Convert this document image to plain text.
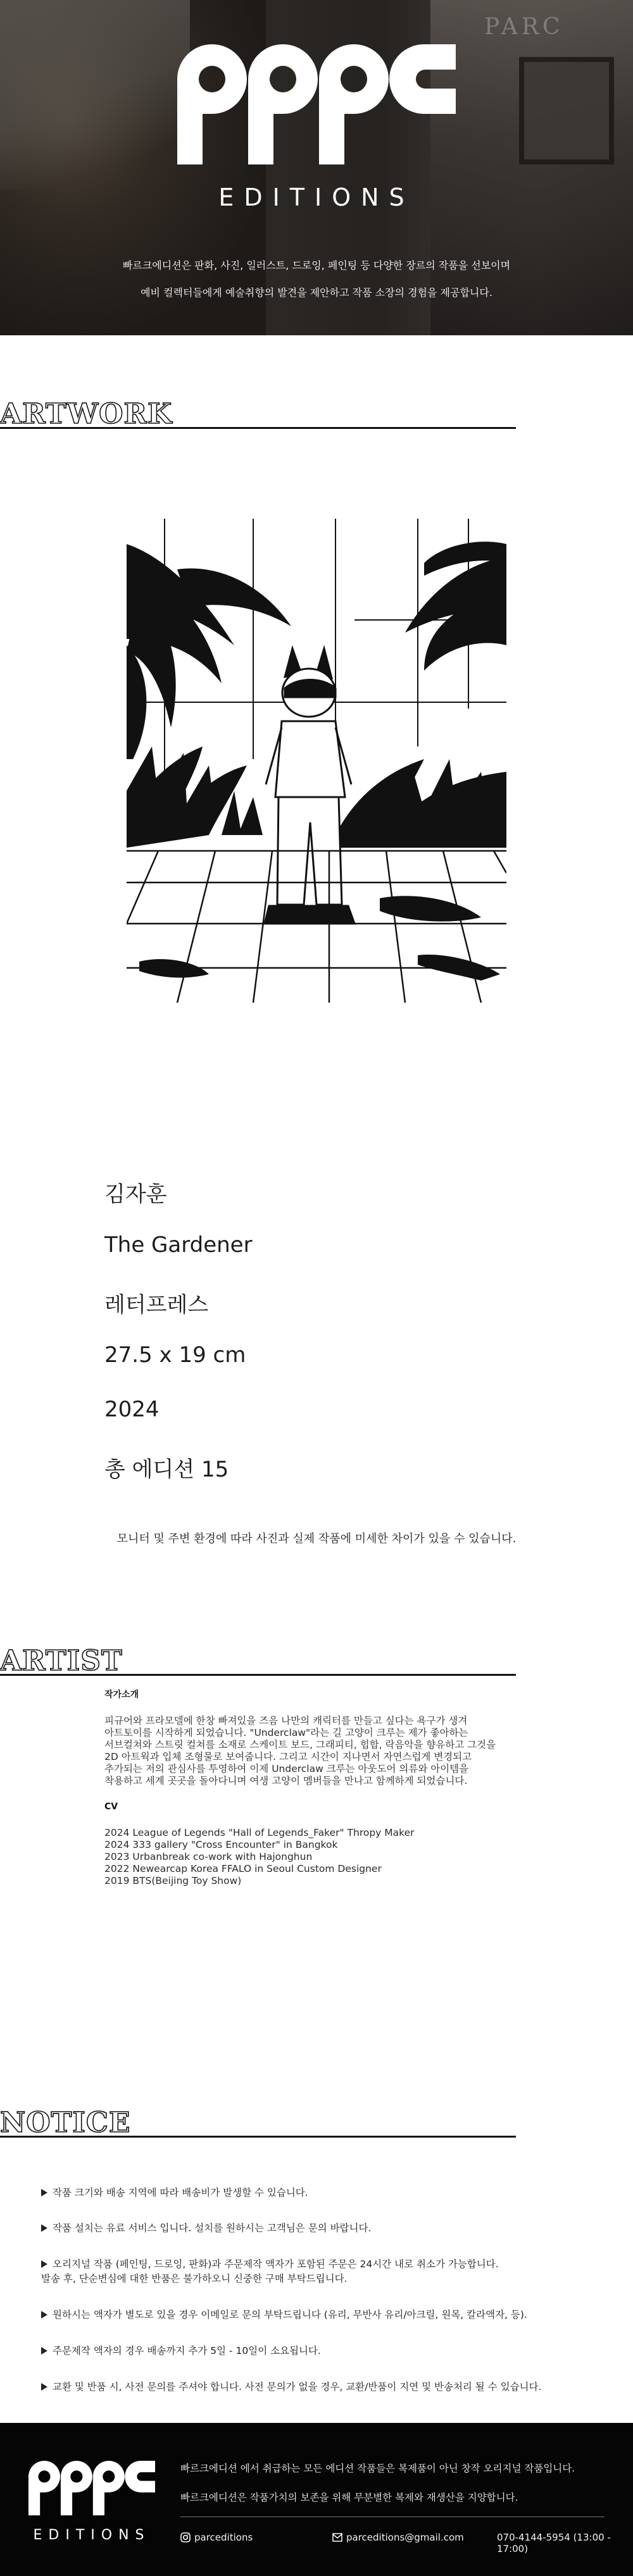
PARC
EDITIONS
빠르크에디션은 판화, 사진, 일러스트, 드로잉, 페인팅 등 다양한 장르의 작품을 선보이며
예비 컬렉터들에게 예술취향의 발견을 제안하고 작품 소장의 경험을 제공합니다.
ARTWORK
김자훈
The Gardener
레터프레스
27.5 x 19 cm
2024
총 에디션 15
모니터 및 주변 환경에 따라 사진과 실제 작품에 미세한 차이가 있을 수 있습니다.
ARTIST
작가소개
피규어와 프라모델에 한창 빠져있을 즈음 나만의 캐릭터를 만들고 싶다는 욕구가 생겨
아트토이를 시작하게 되었습니다. "Underclaw"라는 길 고양이 크루는 제가 좋아하는
서브컬쳐와 스트릿 컬쳐를 소재로 스케이트 보드, 그래피티, 힙합, 락음악을 향유하고 그것을
2D 아트웍과 입체 조형물로 보여줍니다. 그리고 시간이 지나면서 자연스럽게 변경되고
추가되는 저의 관심사를 투영하여 이제 Underclaw 크루는 아웃도어 의류와 아이템을
착용하고 세계 곳곳을 돌아다니며 여생 고양이 멤버들을 만나고 함께하게 되었습니다.
CV
2024 League of Legends "Hall of Legends_Faker" Thropy Maker
2024 333 gallery "Cross Encounter" in Bangkok
2023 Urbanbreak co-work with Hajonghun
2022 Newearcap Korea FFALO in Seoul Custom Designer
2019 BTS(Beijing Toy Show)
NOTICE
작품 크기와 배송 지역에 따라 배송비가 발생할 수 있습니다.
작품 설치는 유료 서비스 입니다. 설치를 원하시는 고객님은 문의 바랍니다.
오리지널 작품 (페인팅, 드로잉, 판화)과 주문제작 액자가 포함된 주문은 24시간 내로 취소가 가능합니다.
발송 후, 단순변심에 대한 반품은 불가하오니 신중한 구매 부탁드립니다.
원하시는 액자가 별도로 있을 경우 이메일로 문의 부탁드립니다 (유리, 무반사 유리/아크릴, 원목, 칼라액자, 등).
주문제작 액자의 경우 배송까지 추가 5일 - 10일이 소요됩니다.
교환 및 반품 시, 사전 문의를 주셔야 합니다. 사전 문의가 없을 경우, 교환/반품이 지연 및 반송처리 될 수 있습니다.
EDITIONS
빠르크에디션 에서 취급하는 모든 에디션 작품들은 복제품이 아닌 창작 오리지널 작품입니다.
빠르크에디션은 작품가치의 보존을 위해 무분별한 복제와 재생산을 지양합니다.
parceditions	parceditions@gmail.com	070-4144-5954 (13:00 - 17:00)
